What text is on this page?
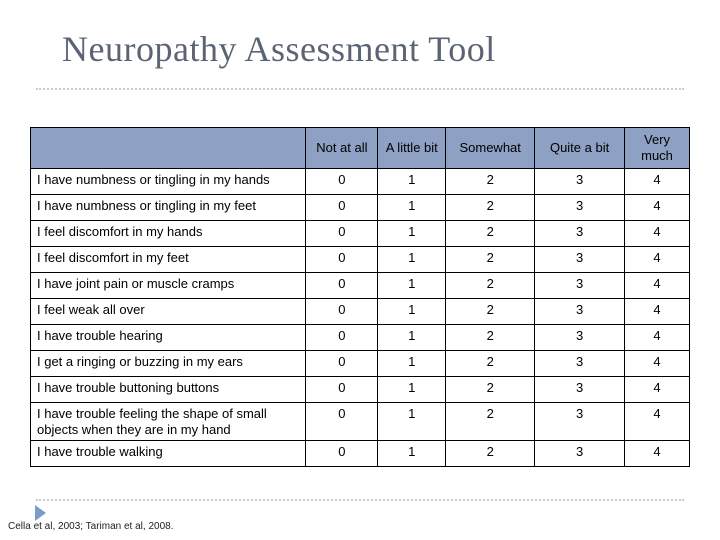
Neuropathy Assessment Tool
	Not at all	A little bit	Somewhat	Quite a bit	Very much
I have numbness or tingling in my hands	0	1	2	3	4
I have numbness or tingling in my feet	0	1	2	3	4
I feel discomfort in my hands	0	1	2	3	4
I feel discomfort in my feet	0	1	2	3	4
I have joint pain or muscle cramps	0	1	2	3	4
I feel weak all over	0	1	2	3	4
I have trouble hearing	0	1	2	3	4
I get a ringing or buzzing in my ears	0	1	2	3	4
I have trouble buttoning buttons	0	1	2	3	4
I have trouble feeling the shape of small objects when they are in my hand	0	1	2	3	4
I have trouble walking	0	1	2	3	4
Cella et al, 2003; Tariman et al, 2008.
